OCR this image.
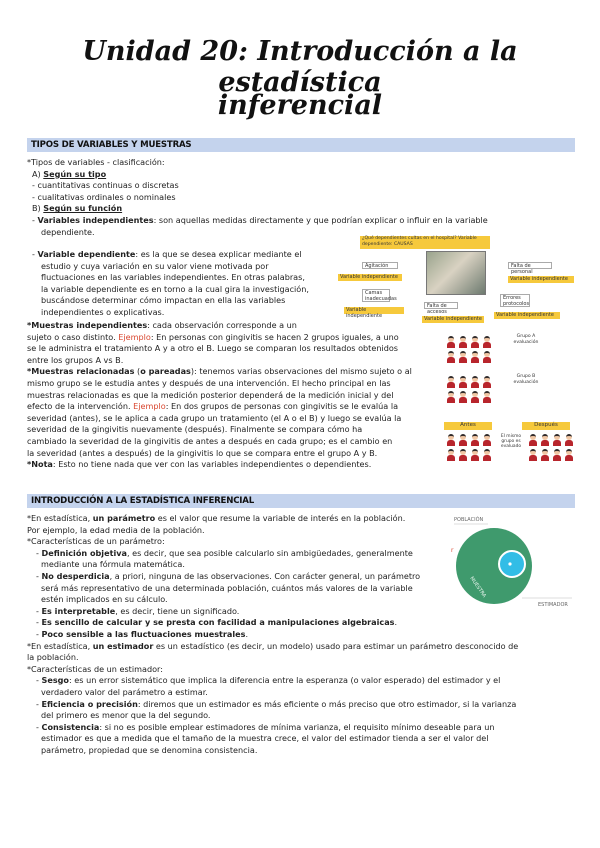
Unidad 20: Introducción a la estadística
inferencial
TIPOS DE VARIABLES Y MUESTRAS

*Tipos de variables - clasificación:

A) Según su tipo

- cuantitativas continuas o discretas

- cualitativas ordinales o nominales

B) Según su función

- Variables independientes: son aquellas medidas directamente y que podrían explicar o influir en la variable

dependiente.

- Variable dependiente: es la que se desea explicar mediante el

estudio y cuya variación en su valor viene motivada por

fluctuaciones en las variables independientes. En otras palabras,

la variable dependiente es en torno a la cual gira la investigación,

buscándose determinar cómo impactan en ella las variables

independientes o explicativas.

*Muestras independientes: cada observación corresponde a un

sujeto o caso distinto. Ejemplo: En personas con gingivitis se hacen 2 grupos iguales, a uno

se le administra el tratamiento A y a otro el B. Luego se comparan los resultados obtenidos

entre los grupos A vs B.

*Muestras relacionadas (o pareadas): tenemos varias observaciones del mismo sujeto o al

mismo grupo se le estudia antes y después de una intervención. El hecho principal en las

muestras relacionadas es que la medición posterior dependerá de la medición inicial y del

efecto de la intervención. Ejemplo: En dos grupos de personas con gingivitis se le evalúa la

severidad (antes), se le aplica a cada grupo un tratamiento (el A o el B) y luego se evalúa la

severidad de la gingivitis nuevamente (después). Finalmente se compara cómo ha

cambiado la severidad de la gingivitis de antes a después en cada grupo; es el cambio en

la severidad (antes a después) de la gingivitis lo que se compara entre el grupo A y B.

*Nota: Esto no tiene nada que ver con las variables independientes o dependientes.

¿Qué dependientes cultas en el hospital? Variable dependiente: CAUSAS
Agitación
Variable independiente
Falta de personal
Variable independiente
Camas inadecuadas
Variable independiente
Falta de accesos
Errores protocolos
Variable independiente
Variable independiente
Grupo A evaluación
Grupo B evaluación
Antes	Después
El mismo grupo es evaluado
INTRODUCCIÓN A LA ESTADÍSTICA INFERENCIAL

*En estadística, un parámetro es el valor que resume la variable de interés en la población.

Por ejemplo, la edad media de la población.

*Características de un parámetro:

- Definición objetiva, es decir, que sea posible calcularlo sin ambigüedades, generalmente

mediante una fórmula matemática.

- No desperdicia, a priori, ninguna de las observaciones. Con carácter general, un parámetro

será más representativo de una determinada población, cuántos más valores de la variable

estén implicados en su cálculo.

- Es interpretable, es decir, tiene un significado.

- Es sencillo de calcular y se presta con facilidad a manipulaciones algebraicas.

- Poco sensible a las fluctuaciones muestrales.

*En estadística, un estimador es un estadístico (es decir, un modelo) usado para estimar un parámetro desconocido de

la población.

*Características de un estimador:

- Sesgo: es un error sistemático que implica la diferencia entre la esperanza (o valor esperado) del estimador y el

verdadero valor del parámetro a estimar.

- Eficiencia o precisión: diremos que un estimador es más eficiente o más preciso que otro estimador, si la varianza

del primero es menor que la del segundo.

- Consistencia: si no es posible emplear estimadores de mínima varianza, el requisito mínimo deseable para un

estimador es que a medida que el tamaño de la muestra crece, el valor del estimador tienda a ser el valor del

parámetro, propiedad que se denomina consistencia.

POBLACIÓN
MUESTRA
ESTIMADOR
r
